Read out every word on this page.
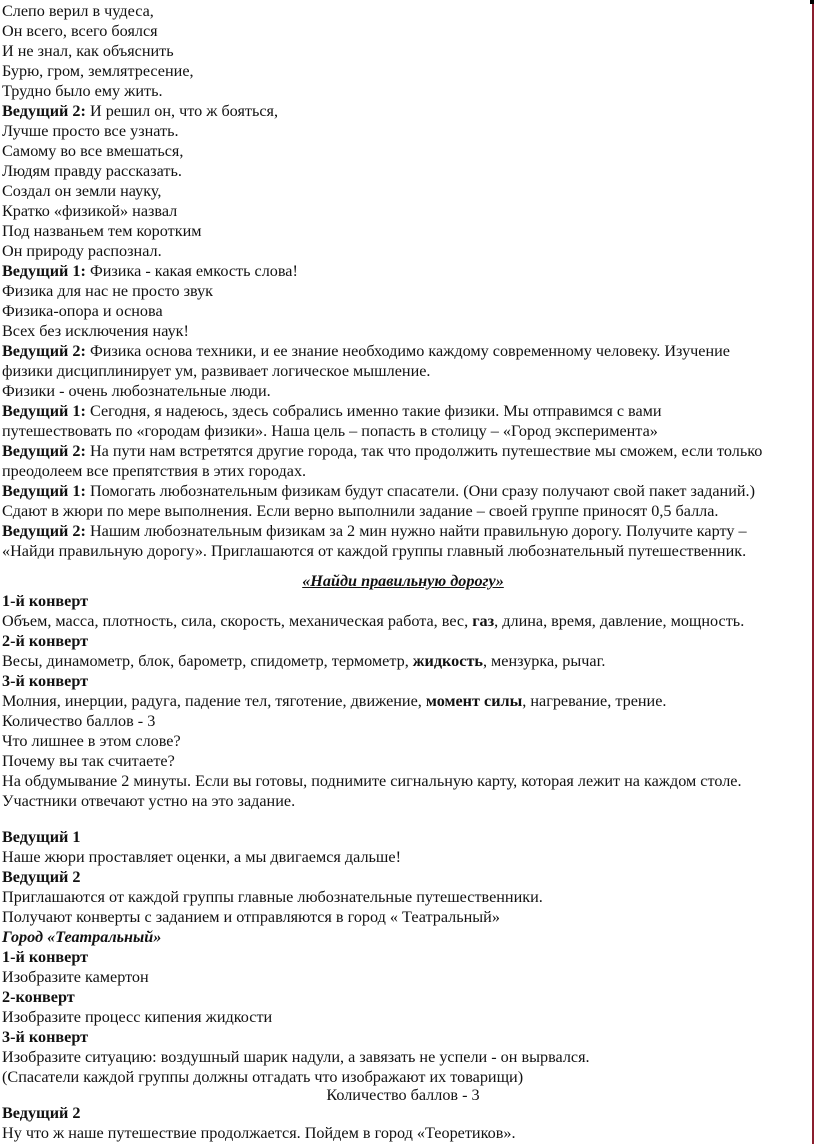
Слепо верил в чудеса,
Он всего, всего боялся
И не знал, как объяснить
Бурю, гром, землятресение,
Трудно было ему жить.
Ведущий 2: И решил он, что ж бояться,
Лучше просто все узнать.
Самому во все вмешаться,
Людям правду рассказать.
Создал он земли науку,
Кратко «физикой» назвал
Под названьем тем коротким
Он природу распознал.
Ведущий 1: Физика - какая емкость слова!
Физика для нас не просто звук
Физика-опора и основа
Всех без исключения наук!
Ведущий 2: Физика основа техники, и ее знание необходимо каждому современному человеку. Изучение
физики дисциплинирует ум, развивает логическое мышление.
Физики - очень любознательные люди.
Ведущий 1: Сегодня, я надеюсь, здесь собрались именно такие физики. Мы отправимся с вами
путешествовать по «городам физики». Наша цель – попасть в столицу – «Город эксперимента»
Ведущий 2: На пути нам встретятся другие города, так что продолжить путешествие мы сможем, если только
преодолеем все препятствия в этих городах.
Ведущий 1: Помогать любознательным физикам будут спасатели. (Они сразу получают свой пакет заданий.)
Сдают в жюри по мере выполнения. Если верно выполнили задание – своей группе приносят 0,5 балла.
Ведущий 2: Нашим любознательным физикам за 2 мин нужно найти правильную дорогу. Получите карту –
«Найди правильную дорогу». Приглашаются от каждой группы главный любознательный путешественник.
«Найди правильную дорогу»
1-й конверт
Объем, масса, плотность, сила, скорость, механическая работа, вес, газ, длина, время, давление, мощность.
2-й конверт
Весы, динамометр, блок, барометр, спидометр, термометр, жидкость, мензурка, рычаг.
3-й конверт
Молния, инерции, радуга, падение тел, тяготение, движение, момент силы, нагревание, трение.
Количество баллов - 3
Что лишнее в этом слове?
Почему вы так считаете?
На обдумывание 2 минуты. Если вы готовы, поднимите сигнальную карту, которая лежит на каждом столе.
Участники отвечают устно на это задание.
Ведущий 1
Наше жюри проставляет оценки, а мы двигаемся дальше!
Ведущий 2
Приглашаются от каждой группы главные любознательные путешественники.
Получают конверты с заданием и отправляются в город « Театральный»
Город «Театральный»
1-й конверт
Изобразите камертон
2-конверт
Изобразите процесс кипения жидкости
3-й конверт
Изобразите ситуацию: воздушный шарик надули, а завязать не успели - он вырвался.
(Спасатели каждой группы должны отгадать что изображают их товарищи)
Количество баллов - 3
Ведущий 2
Ну что ж наше путешествие продолжается. Пойдем в город «Теоретиков».
